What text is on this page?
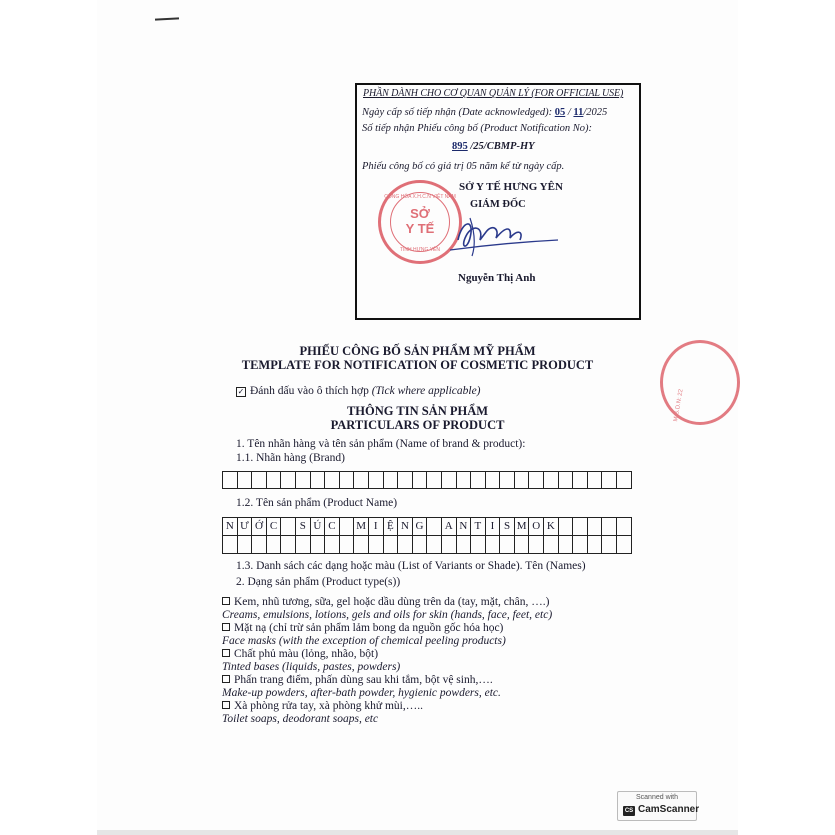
PHẦN DÀNH CHO CƠ QUAN QUẢN LÝ (FOR OFFICIAL USE)
Ngày cấp số tiếp nhận (Date acknowledged): 05 / 11/2025
Số tiếp nhận Phiếu công bố (Product Notification No):
895 /25/CBMP-HY
Phiếu công bố có giá trị 05 năm kể từ ngày cấp.
SỞ Y TẾ HƯNG YÊN
GIÁM ĐỐC
Nguyễn Thị Anh
CỘNG HÒA X.H.C.N VIỆT NAM
SỞ
Y TẾ
TỈNH HƯNG YÊN
M.S.D.N: 22
PHIẾU CÔNG BỐ SẢN PHẨM MỸ PHẨM
TEMPLATE FOR NOTIFICATION OF COSMETIC PRODUCT
✓ Đánh dấu vào ô thích hợp (Tick where applicable)
THÔNG TIN SẢN PHẨM
PARTICULARS OF PRODUCT
1. Tên nhãn hàng và tên sản phẩm (Name of brand & product):
1.1. Nhãn hàng (Brand)
1.2. Tên sản phẩm (Product Name)
N Ư Ớ C	S Ú C	M I Ệ N G	A N T I S M O K
1.3. Danh sách các dạng hoặc màu (List of Variants or Shade). Tên (Names)
2. Dạng sản phẩm (Product type(s))
Kem, nhũ tương, sữa, gel hoặc dầu dùng trên da (tay, mặt, chân, ….)
Creams, emulsions, lotions, gels and oils for skin (hands, face, feet, etc)
Mặt nạ (chỉ trừ sản phẩm lảm bong da nguồn gốc hóa học)
Face masks (with the exception of chemical peeling products)
Chất phủ màu (lỏng, nhão, bột)
Tinted bases (liquids, pastes, powders)
Phấn trang điểm, phấn dùng sau khi tắm, bột vệ sinh,….
Make-up powders, after-bath powder, hygienic powders, etc.
Xà phòng rửa tay, xà phòng khử mùi,…..
Toilet soaps, deodorant soaps, etc
Scanned with
CS CamScanner
